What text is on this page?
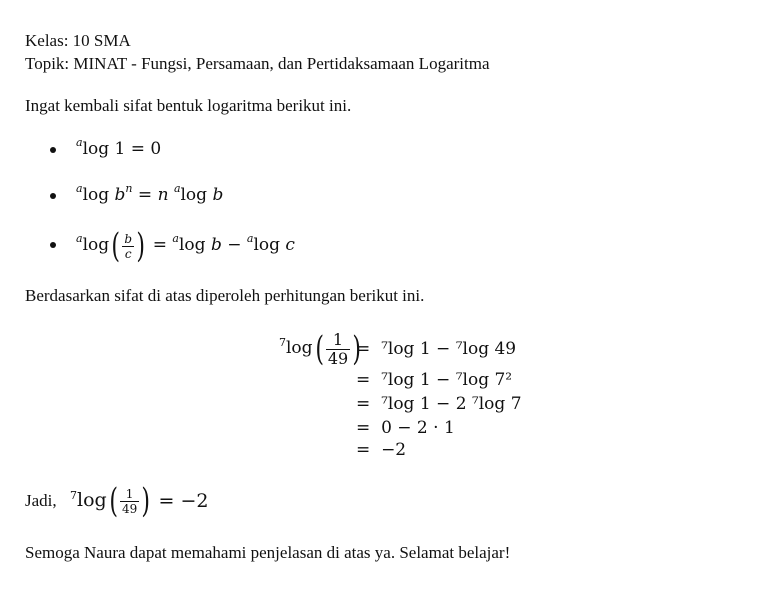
Kelas: 10 SMA
Topik: MINAT - Fungsi, Persamaan, dan Pertidaksamaan Logaritma
Ingat kembali sifat bentuk logaritma berikut ini.
$^a$log 1 = 0
$^a$log $b^n = n$ $^a$log b
$^a$log ( $\frac{b}{c}$ ) = $^a$log b − $^a$log c
Berdasarkan sifat di atas diperoleh perhitungan berikut ini.
$^7$log ( $\frac{1}{49}$ )
=  ⁷log 1 − ⁷log 49
=  ⁷log 1 − ⁷log 7²
=  ⁷log 1 − 2 ⁷log 7
=  0 − 2 · 1
=  −2
Jadi, $^7$log ( $\frac{1}{49}$ ) = −2
Semoga Naura dapat memahami penjelasan di atas ya. Selamat belajar!
